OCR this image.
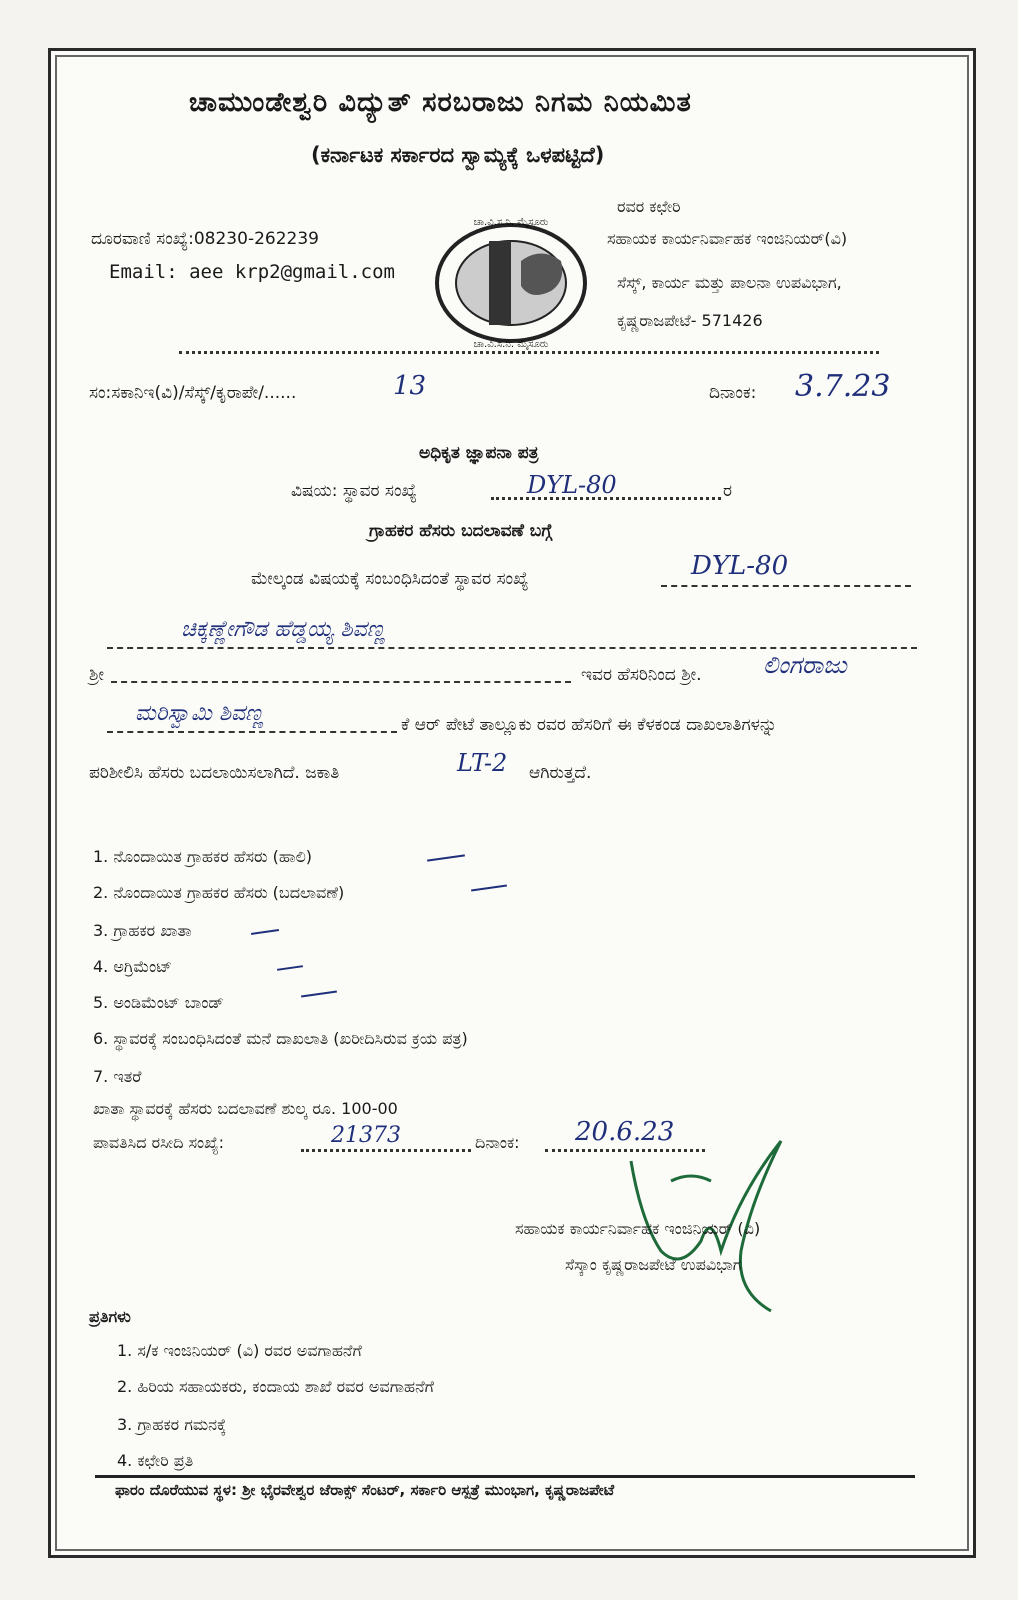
ಚಾಮುಂಡೇಶ್ವರಿ ವಿದ್ಯುತ್ ಸರಬರಾಜು ನಿಗಮ ನಿಯಮಿತ
(ಕರ್ನಾಟಕ ಸರ್ಕಾರದ ಸ್ವಾಮ್ಯಕ್ಕೆ ಒಳಪಟ್ಟಿದೆ)
ದೂರವಾಣಿ ಸಂಖ್ಯೆ:08230-262239
Email: aee krp2@gmail.com
ಚಾ.ವಿ.ಸ.ನಿ. ಮೈಸೂರು
ಚಾ.ವಿ.ಸ.ನಿ. ಮೈಸೂರು
ರವರ ಕಛೇರಿ
ಸಹಾಯಕ ಕಾರ್ಯನಿರ್ವಾಹಕ ಇಂಜಿನಿಯರ್(ವಿ)
ಸೆಸ್ಕ್, ಕಾರ್ಯ ಮತ್ತು ಪಾಲನಾ ಉಪವಿಭಾಗ,
ಕೃಷ್ಣರಾಜಪೇಟೆ- 571426
ಸಂ:ಸಕಾನಿಇ(ವಿ)/ಸೆಸ್ಕ್/ಕೃರಾಪೇ/......	13	ದಿನಾಂಕ: 3.7.23
ಅಧಿಕೃತ ಜ್ಞಾಪನಾ ಪತ್ರ
ವಿಷಯ: ಸ್ಥಾವರ ಸಂಖ್ಯೆ	DYL-80	ರ
ಗ್ರಾಹಕರ ಹೆಸರು ಬದಲಾವಣೆ ಬಗ್ಗೆ
ಮೇಲ್ಕಂಡ ವಿಷಯಕ್ಕೆ ಸಂಬಂಧಿಸಿದಂತೆ ಸ್ಥಾವರ ಸಂಖ್ಯೆ	DYL-80
ಚಿಕ್ಕಣ್ಣೇಗೌಡ ಹೆಡ್ಡಯ್ಯ ಶಿವಣ್ಣ
ಶ್ರೀ	ಇವರ ಹೆಸರಿನಿಂದ ಶ್ರೀ.	ಲಿಂಗರಾಜು
ಮರಿಸ್ವಾಮಿ ಶಿವಣ್ಣ	ಕೆ ಆರ್ ಪೇಟೆ ತಾಲ್ಲೂಕು ರವರ ಹೆಸರಿಗೆ ಈ ಕೆಳಕಂಡ ದಾಖಲಾತಿಗಳನ್ನು
ಪರಿಶೀಲಿಸಿ ಹೆಸರು ಬದಲಾಯಿಸಲಾಗಿದೆ. ಜಕಾತಿ	LT-2 ಆಗಿರುತ್ತದೆ.
1. ನೊಂದಾಯಿತ ಗ್ರಾಹಕರ ಹೆಸರು (ಹಾಲಿ)
2. ನೊಂದಾಯಿತ ಗ್ರಾಹಕರ ಹೆಸರು (ಬದಲಾವಣೆ)
3. ಗ್ರಾಹಕರ ಖಾತಾ
4. ಅಗ್ರಿಮೆಂಟ್
5. ಅಂಡಿಮೆಂಟ್ ಬಾಂಡ್
6. ಸ್ಥಾವರಕ್ಕೆ ಸಂಬಂಧಿಸಿದಂತೆ ಮನೆ ದಾಖಲಾತಿ (ಖರೀದಿಸಿರುವ ಕ್ರಯ ಪತ್ರ)
7. ಇತರೆ
ಖಾತಾ ಸ್ಥಾವರಕ್ಕೆ ಹೆಸರು ಬದಲಾವಣೆ ಶುಲ್ಕ ರೂ. 100-00
ಪಾವತಿಸಿದ ರಸೀದಿ ಸಂಖ್ಯೆ:	21373	ದಿನಾಂಕ: 20.6.23
ಸಹಾಯಕ ಕಾರ್ಯನಿರ್ವಾಹಕ ಇಂಜಿನಿಯರ್ (ವಿ)
ಸೆಸ್ಕಾಂ ಕೃಷ್ಣರಾಜಪೇಟೆ ಉಪವಿಭಾಗ
ಪ್ರತಿಗಳು
1. ಸ/ಕ ಇಂಜಿನಿಯರ್ (ವಿ) ರವರ ಅವಗಾಹನೆಗೆ
2. ಹಿರಿಯ ಸಹಾಯಕರು, ಕಂದಾಯ ಶಾಖೆ ರವರ ಅವಗಾಹನೆಗೆ
3. ಗ್ರಾಹಕರ ಗಮನಕ್ಕೆ
4. ಕಛೇರಿ ಪ್ರತಿ
ಫಾರಂ ದೊರೆಯುವ ಸ್ಥಳ: ಶ್ರೀ ಭೈರವೇಶ್ವರ ಜೆರಾಕ್ಸ್ ಸೆಂಟರ್, ಸರ್ಕಾರಿ ಆಸ್ಪತ್ರೆ ಮುಂಭಾಗ, ಕೃಷ್ಣರಾಜಪೇಟೆ
